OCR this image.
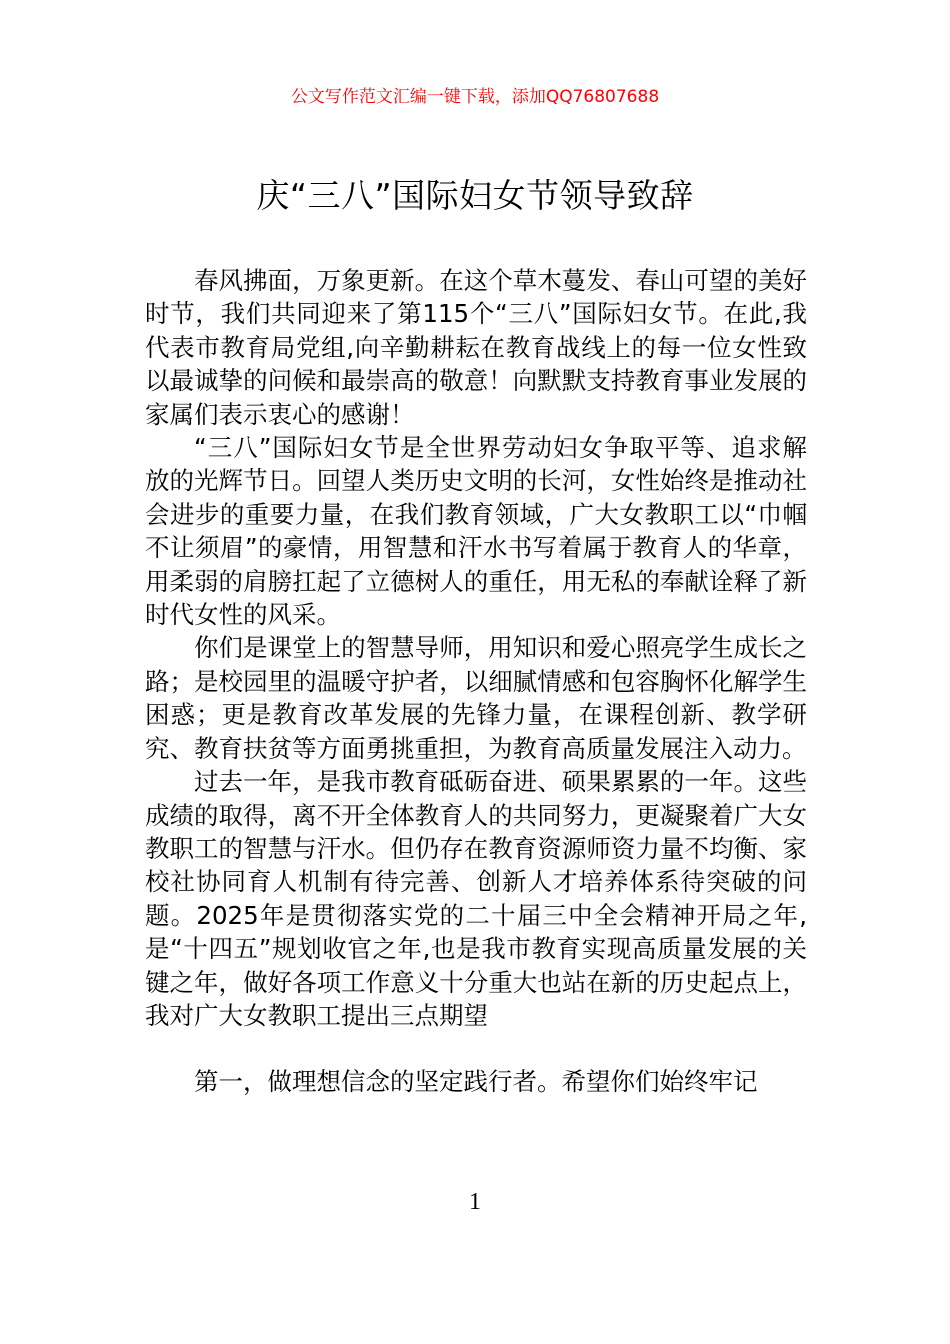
公文写作范文汇编一键下载，添加QQ76807688
庆“三八”国际妇女节领导致辞

春风拂面，万象更新。在这个草木蔓发、春山可望的美好时节，我们共同迎来了第115个“三八”国际妇女节。在此,我代表市教育局党组,向辛勤耕耘在教育战线上的每一位女性致以最诚挚的问候和最崇高的敬意！向默默支持教育事业发展的家属们表示衷心的感谢！

“三八”国际妇女节是全世界劳动妇女争取平等、追求解放的光辉节日。回望人类历史文明的长河，女性始终是推动社会进步的重要力量，在我们教育领域，广大女教职工以“巾帼不让须眉”的豪情，用智慧和汗水书写着属于教育人的华章，用柔弱的肩膀扛起了立德树人的重任，用无私的奉献诠释了新时代女性的风采。

你们是课堂上的智慧导师，用知识和爱心照亮学生成长之路；是校园里的温暖守护者，以细腻情感和包容胸怀化解学生困惑；更是教育改革发展的先锋力量，在课程创新、教学研究、教育扶贫等方面勇挑重担，为教育高质量发展注入动力。

过去一年，是我市教育砥砺奋进、硕果累累的一年。这些成绩的取得，离不开全体教育人的共同努力，更凝聚着广大女教职工的智慧与汗水。但仍存在教育资源师资力量不均衡、家校社协同育人机制有待完善、创新人才培养体系待突破的问题。2025年是贯彻落实党的二十届三中全会精神开局之年,是“十四五”规划收官之年,也是我市教育实现高质量发展的关键之年，做好各项工作意义十分重大也站在新的历史起点上，我对广大女教职工提出三点期望

第一，做理想信念的坚定践行者。希望你们始终牢记

1
